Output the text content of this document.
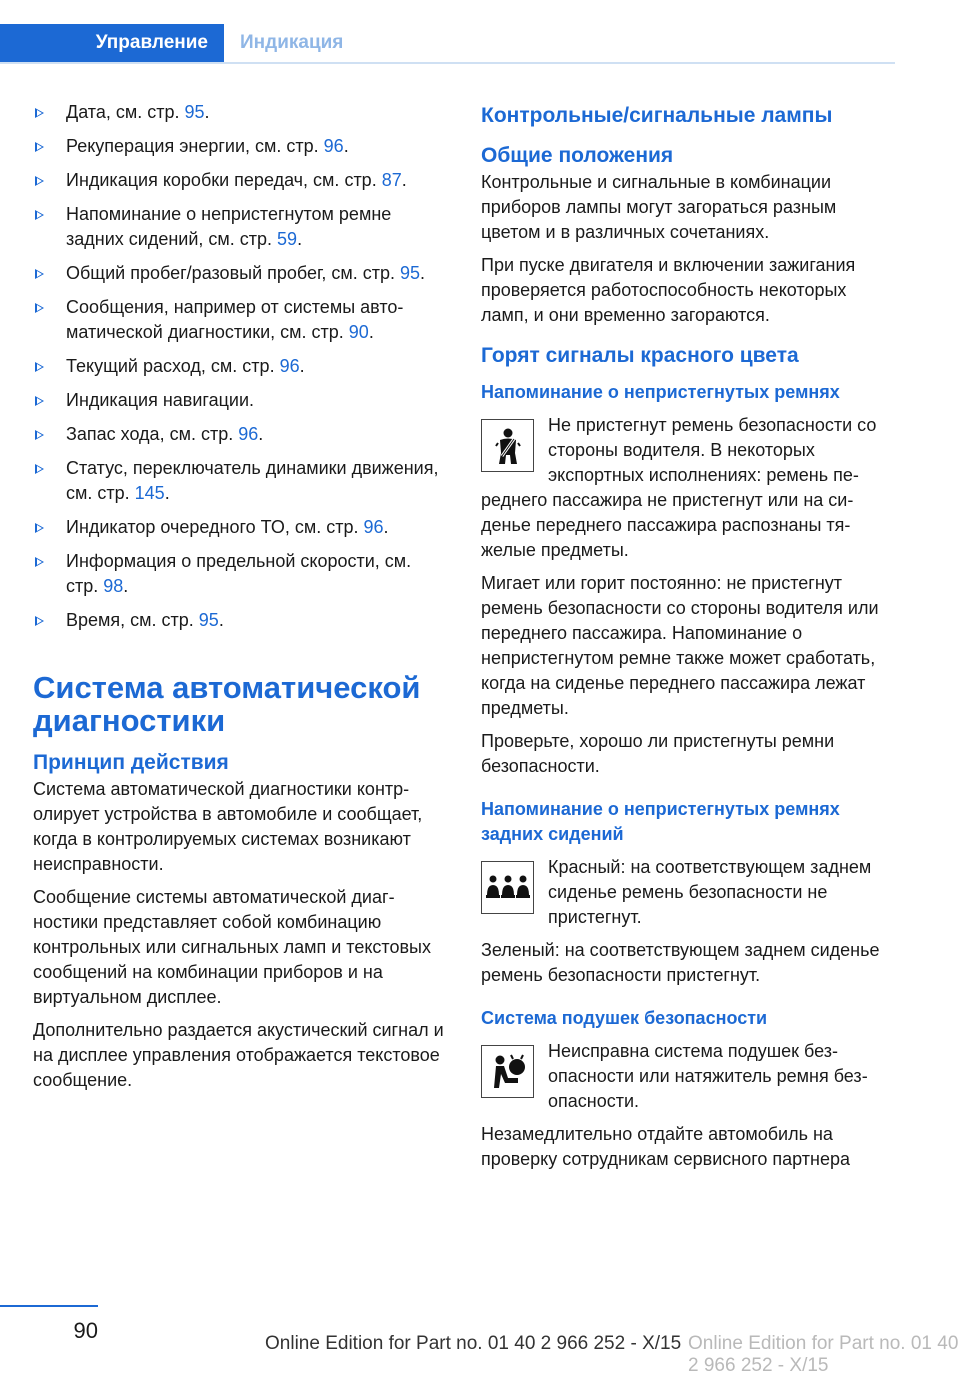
Управление	Индикация
Дата, см. стр. 95.
Рекуперация энергии, см. стр. 96.
Индикация коробки передач, см. стр. 87.
Напоминание о непристегнутом ремне задних сидений, см. стр. 59.
Общий пробег/разовый пробег, см. стр. 95.
Сообщения, например от системы автоматической диагностики, см. стр. 90.
Текущий расход, см. стр. 96.
Индикация навигации.
Запас хода, см. стр. 96.
Статус, переключатель динамики движения, см. стр. 145.
Индикатор очередного ТО, см. стр. 96.
Информация о предельной скорости, см. стр. 98.
Время, см. стр. 95.
Система автоматической диагностики
Принцип действия

Система автоматической диагностики контролирует устройства в автомобиле и сообщает, когда в контролируемых системах возникают неисправности.

Сообщение системы автоматической диагностики представляет собой комбинацию контрольных или сигнальных ламп и текстовых сообщений на комбинации приборов и на виртуальном дисплее.

Дополнительно раздается акустический сигнал и на дисплее управления отображается текстовое сообщение.

Контрольные/сигнальные лампы
Общие положения

Контрольные и сигнальные в комбинации приборов лампы могут загораться разным цветом и в различных сочетаниях.

При пуске двигателя и включении зажигания проверяется работоспособность некоторых ламп, и они временно загораются.

Горят сигналы красного цвета
Напоминание о непристегнутых ремнях

Не пристегнут ремень безопасности со стороны водителя. В некоторых экспортных исполнениях: ремень переднего пассажира не пристегнут или на сиденье переднего пассажира распознаны тяжелые предметы.

Мигает или горит постоянно: не пристегнут ремень безопасности со стороны водителя или переднего пассажира. Напоминание о непристегнутом ремне также может сработать, когда на сиденье переднего пассажира лежат предметы.

Проверьте, хорошо ли пристегнуты ремни безопасности.

Напоминание о непристегнутых ремнях задних сидений

Красный: на соответствующем заднем сиденье ремень безопасности не пристегнут.

Зеленый: на соответствующем заднем сиденье ремень безопасности пристегнут.

Система подушек безопасности

Неисправна система подушек безопасности или натяжитель ремня безопасности.

Незамедлительно отдайте автомобиль на проверку сотрудникам сервисного партнера

90
Online Edition for Part no. 01 40 2 966 252 - X/15 Online Edition for Part no. 01 40 2 966 252 - X/15
